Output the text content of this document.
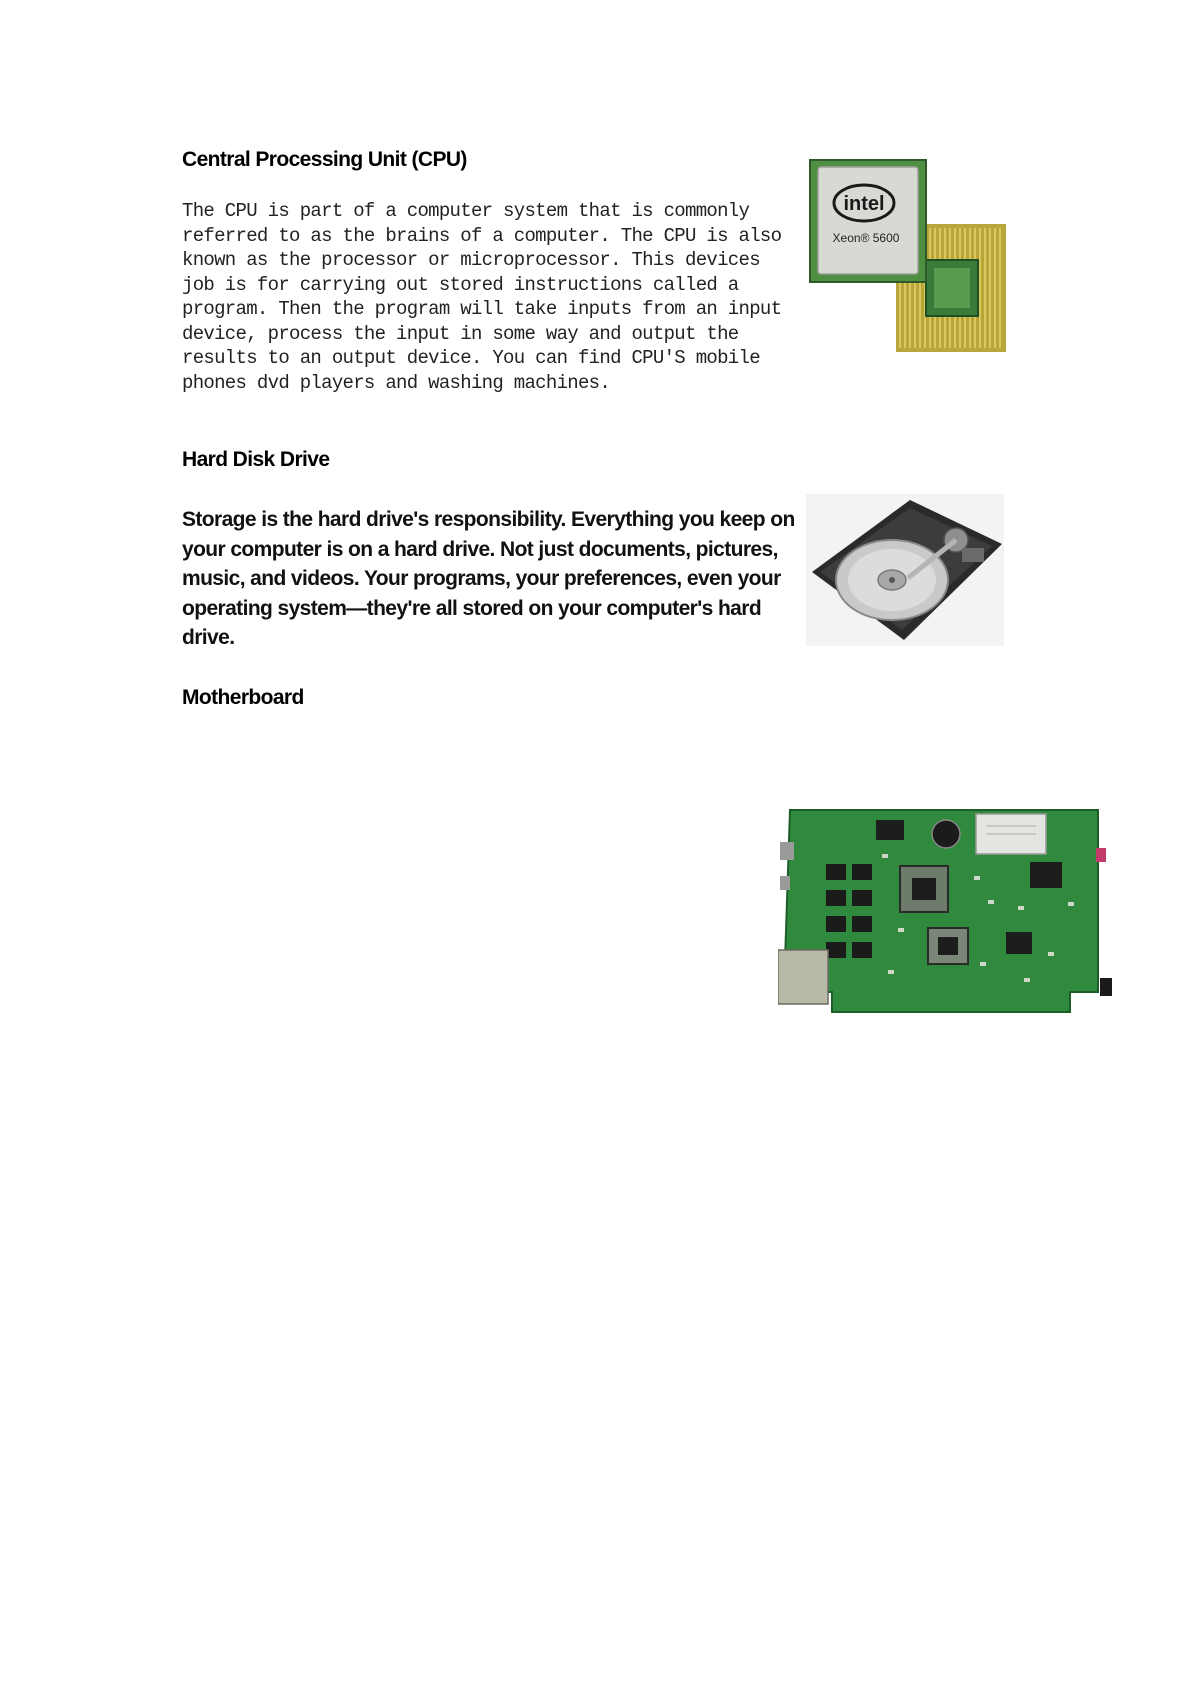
Central Processing Unit (CPU)

The CPU is part of a computer system that is commonly referred to as the brains of a computer. The CPU is also known as the processor or microprocessor. This devices job is for carrying out stored instructions called a program. Then the program will take inputs from an input device, process the input in some way and output the results to an output device. You can find CPU'S mobile phones dvd players and washing machines.

intel
Xeon® 5600
Hard Disk Drive

Storage is the hard drive's responsibility. Everything you keep on your computer is on a hard drive. Not just documents, pictures, music, and videos. Your programs, your preferences, even your operating system—they're all stored on your computer's hard drive.

Motherboard
